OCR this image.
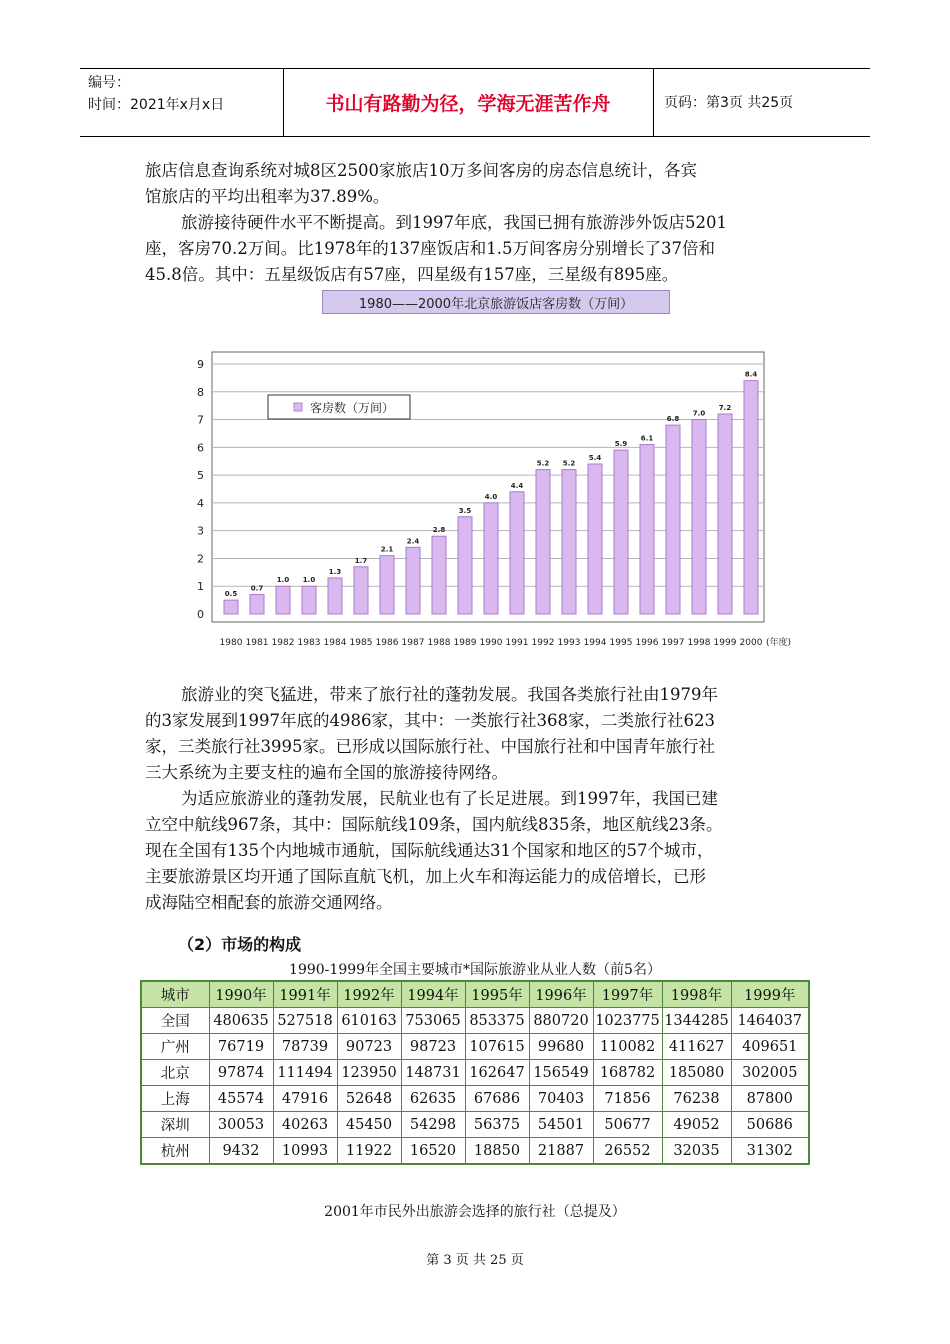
编号：
时间：2021年x月x日	书山有路勤为径，学海无涯苦作舟	页码：第3页 共25页
旅店信息查询系统对城8区2500家旅店10万多间客房的房态信息统计，各宾
馆旅店的平均出租率为37.89%。
旅游接待硬件水平不断提高。到1997年底，我国已拥有旅游涉外饭店5201
座，客房70.2万间。比1978年的137座饭店和1.5万间客房分别增长了37倍和
45.8倍。其中：五星级饭店有57座，四星级有157座，三星级有895座。
1980——2000年北京旅游饭店客房数（万间）
0
1
2
3
4
5
6
7
8
9
1980 1981 1982 1983 1984 1985 1986 1987 1988 1989 1990 1991 1992 1993 1994 1995 1996 1997 1998 1999 2000
0.5
0.7
1.0 1.0
1.3
1.7
2.1
2.4
2.8
3.5
4.0
4.4
5.2 5.2
5.4
5.9
6.1
6.8
7.0
7.2
8.4
客房数（万间）
(年度)
旅游业的突飞猛进，带来了旅行社的蓬勃发展。我国各类旅行社由1979年
的3家发展到1997年底的4986家，其中：一类旅行社368家，二类旅行社623
家，三类旅行社3995家。已形成以国际旅行社、中国旅行社和中国青年旅行社
三大系统为主要支柱的遍布全国的旅游接待网络。
为适应旅游业的蓬勃发展，民航业也有了长足进展。到1997年，我国已建
立空中航线967条，其中：国际航线109条，国内航线835条，地区航线23条。
现在全国有135个内地城市通航，国际航线通达31个国家和地区的57个城市，
主要旅游景区均开通了国际直航飞机，加上火车和海运能力的成倍增长，已形
成海陆空相配套的旅游交通网络。
（2）市场的构成
1990-1999年全国主要城市*国际旅游业从业人数（前5名）
城市	1990年	1991年	1992年	1994年	1995年	1996年	1997年	1998年	1999年
全国	480635	527518	610163	753065	853375	880720	1023775	1344285	1464037
广州	76719	78739	90723	98723	107615	99680	110082	411627	409651
北京	97874	111494	123950	148731	162647	156549	168782	185080	302005
上海	45574	47916	52648	62635	67686	70403	71856	76238	87800
深圳	30053	40263	45450	54298	56375	54501	50677	49052	50686
杭州	9432	10993	11922	16520	18850	21887	26552	32035	31302
2001年市民外出旅游会选择的旅行社（总提及）
第 3 页 共 25 页
